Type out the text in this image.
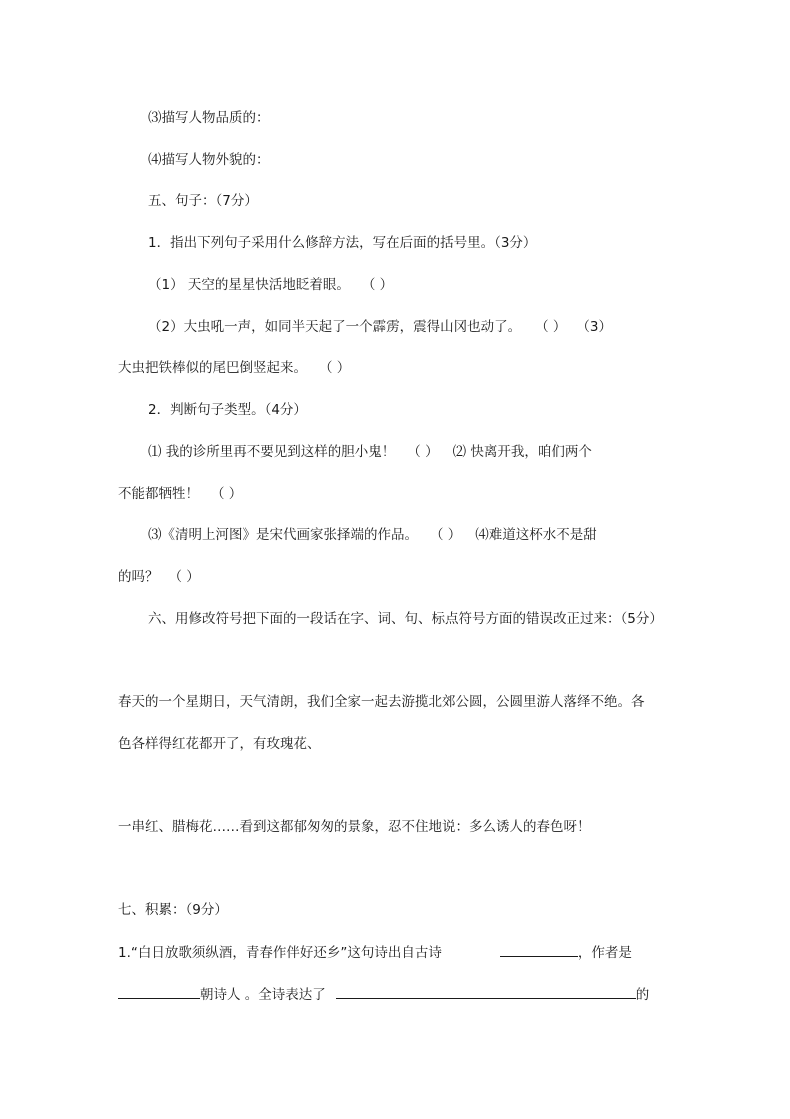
⑶描写人物品质的：
⑷描写人物外貌的：
五、句子：（7分）
1．指出下列句子采用什么修辞方法，写在后面的括号里。（3分）
（1） 天空的星星快活地眨着眼。 （ ）
（2）大虫吼一声，如同半天起了一个霹雳，震得山冈也动了。 （ ） （3）
大虫把铁棒似的尾巴倒竖起来。 （ ）
2．判断句子类型。（4分）
⑴ 我的诊所里再不要见到这样的胆小鬼！ （ ） ⑵ 快离开我，咱们两个
不能都牺牲！ （ ）
⑶《清明上河图》是宋代画家张择端的作品。 （ ） ⑷难道这杯水不是甜
的吗？ （ ）
六、用修改符号把下面的一段话在字、词、句、标点符号方面的错误改正过来：（5分）
春天的一个星期日，天气清朗，我们全家一起去游揽北郊公圆，公圆里游人落绎不绝。各
色各样得红花都开了，有玫瑰花、
一串红、腊梅花……看到这都郁匆匆的景象，忍不住地说：多么诱人的春色呀！
七、积累：（9分）
1.“白日放歌须纵酒，青春作伴好还乡”这句诗出自古诗	，作者是
朝诗人 。全诗表达了	的
